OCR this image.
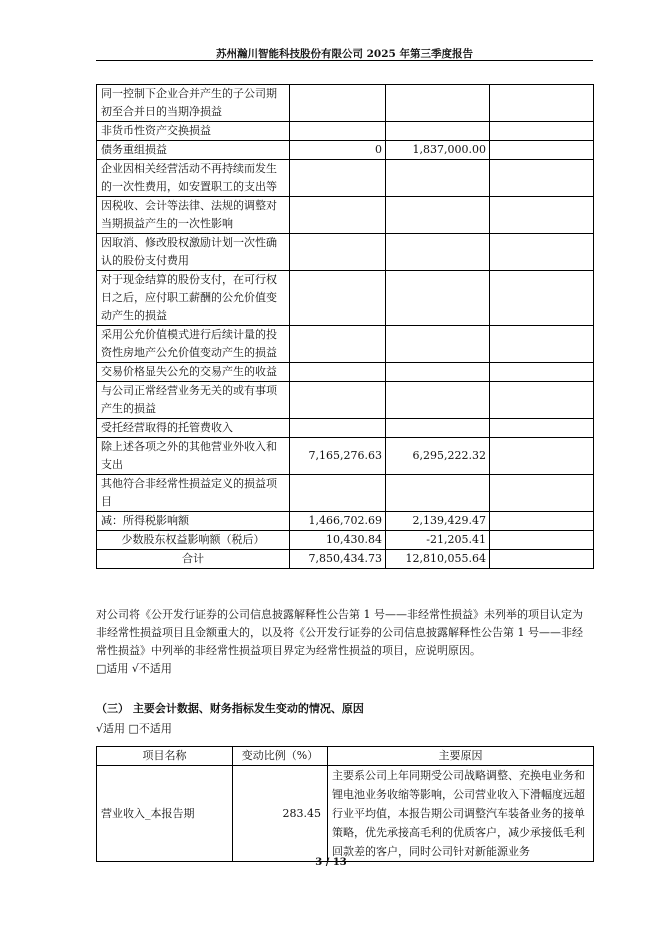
苏州瀚川智能科技股份有限公司 2025 年第三季度报告
同一控制下企业合并产生的子公司期初至合并日的当期净损益			
非货币性资产交换损益			
债务重组损益	0	1,837,000.00	
企业因相关经营活动不再持续而发生的一次性费用，如安置职工的支出等			
因税收、会计等法律、法规的调整对当期损益产生的一次性影响			
因取消、修改股权激励计划一次性确认的股份支付费用			
对于现金结算的股份支付，在可行权日之后，应付职工薪酬的公允价值变动产生的损益			
采用公允价值模式进行后续计量的投资性房地产公允价值变动产生的损益			
交易价格显失公允的交易产生的收益			
与公司正常经营业务无关的或有事项产生的损益			
受托经营取得的托管费收入			
除上述各项之外的其他营业外收入和支出	7,165,276.63	6,295,222.32	
其他符合非经常性损益定义的损益项目			
减：所得税影响额	1,466,702.69	2,139,429.47	
少数股东权益影响额（税后）	10,430.84	-21,205.41	
合计	7,850,434.73	12,810,055.64	

对公司将《公开发行证券的公司信息披露解释性公告第 1 号——非经常性损益》未列举的项目认定为非经常性损益项目且金额重大的，以及将《公开发行证券的公司信息披露解释性公告第 1 号——非经常性损益》中列举的非经常性损益项目界定为经常性损益的项目，应说明原因。

□适用 √不适用

（三） 主要会计数据、财务指标发生变动的情况、原因
√适用 □不适用
项目名称	变动比例（%）	主要原因
营业收入_本报告期	283.45	主要系公司上年同期受公司战略调整、充换电业务和锂电池业务收缩等影响，公司营业收入下滑幅度远超行业平均值，本报告期公司调整汽车装备业务的接单策略，优先承接高毛利的优质客户，减少承接低毛利回款差的客户，同时公司针对新能源业务
3 / 13
